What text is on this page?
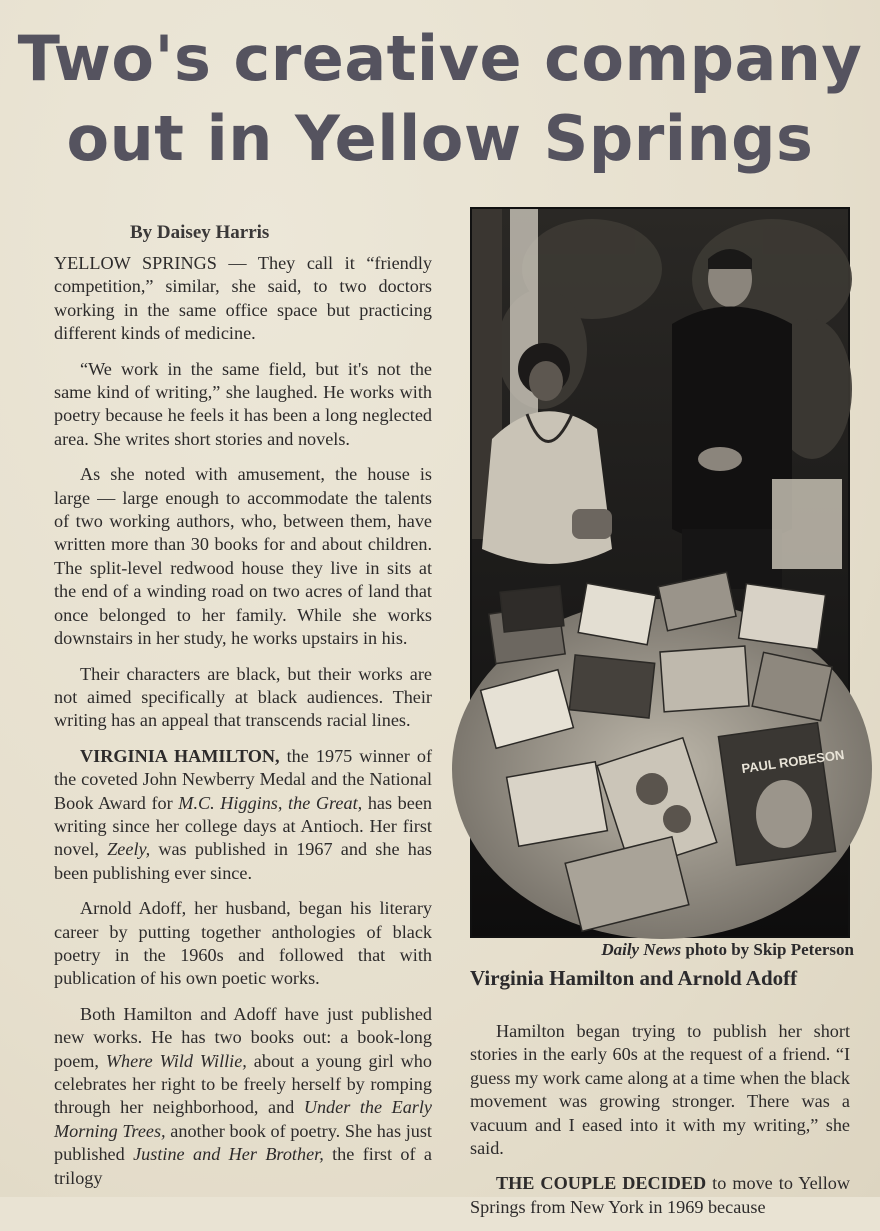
Two's creative company
out in Yellow Springs
By Daisey Harris

YELLOW SPRINGS — They call it “friendly competition,” similar, she said, to two doctors working in the same office space but practicing different kinds of medicine.

“We work in the same field, but it's not the same kind of writing,” she laughed. He works with poetry because he feels it has been a long neglected area. She writes short stories and novels.

As she noted with amusement, the house is large — large enough to accommodate the talents of two working authors, who, between them, have written more than 30 books for and about children. The split-level redwood house they live in sits at the end of a winding road on two acres of land that once belonged to her family. While she works downstairs in her study, he works upstairs in his.

Their characters are black, but their works are not aimed specifically at black audiences. Their writing has an appeal that transcends racial lines.

VIRGINIA HAMILTON, the 1975 winner of the coveted John Newberry Medal and the National Book Award for M.C. Higgins, the Great, has been writing since her college days at Antioch. Her first novel, Zeely, was published in 1967 and she has been publishing ever since.

Arnold Adoff, her husband, began his literary career by putting together anthologies of black poetry in the 1960s and followed that with publication of his own poetic works.

Both Hamilton and Adoff have just published new works. He has two books out: a book-long poem, Where Wild Willie, about a young girl who celebrates her right to be freely herself by romping through her neighborhood, and Under the Early Morning Trees, another book of poetry. She has just published Justine and Her Brother, the first of a trilogy

PAUL ROBESON
Daily News photo by Skip Peterson
Virginia Hamilton and Arnold Adoff

Hamilton began trying to publish her short stories in the early 60s at the request of a friend. “I guess my work came along at a time when the black movement was growing stronger. There was a vacuum and I eased into it with my writing,” she said.

THE COUPLE DECIDED to move to Yellow Springs from New York in 1969 because
